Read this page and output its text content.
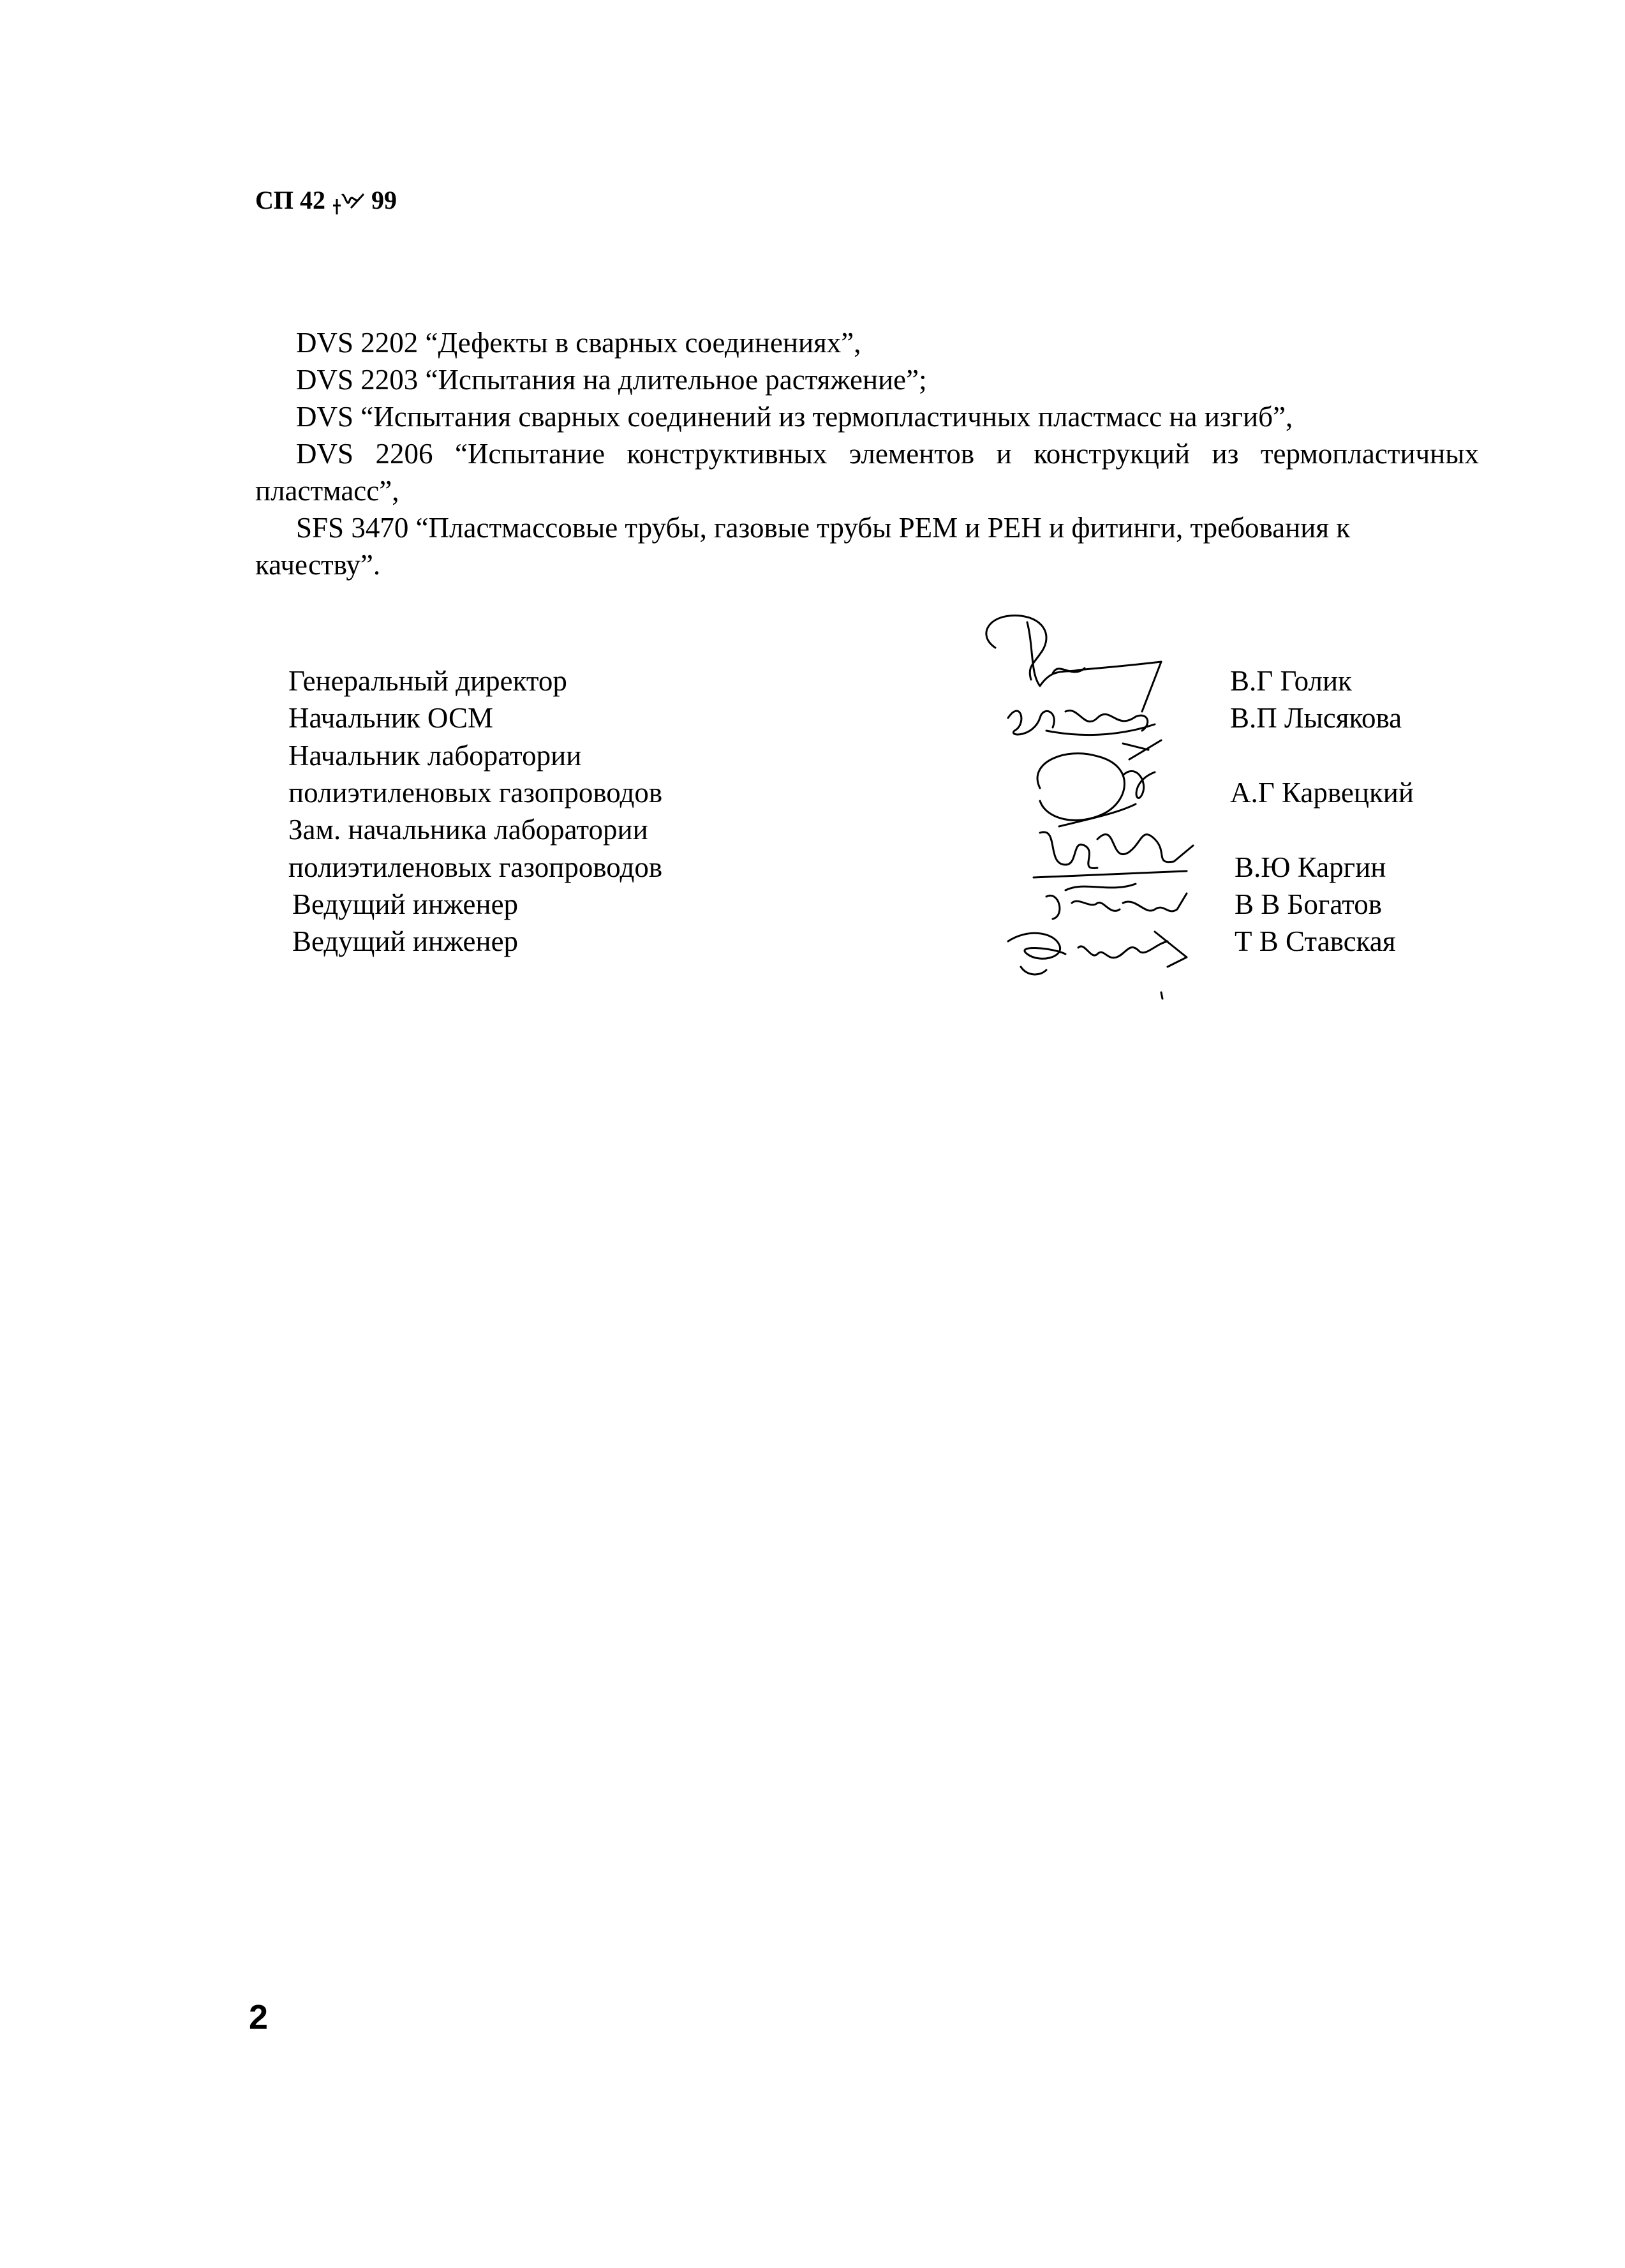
СП 42 99

DVS 2202 “Дефекты в сварных соединениях”,

DVS 2203 “Испытания на длительное растяжение”;

DVS “Испытания сварных соединений из термопластичных пластмасс на изгиб”,

DVS 2206 “Испытание конструктивных элементов и конструкций из термопластичных пластмасс”,

SFS 3470 “Пластмассовые трубы, газовые трубы PEM и PEH и фитинги, требования к качеству”.

Генеральный директор
Начальник ОСМ
Начальник лаборатории
полиэтиленовых газопроводов
Зам. начальника лаборатории
полиэтиленовых газопроводов
Ведущий инженер
Ведущий инженер
В.Г Голик
В.П Лысякова
А.Г Карвецкий
В.Ю Каргин
В В Богатов
Т В Ставская
2
